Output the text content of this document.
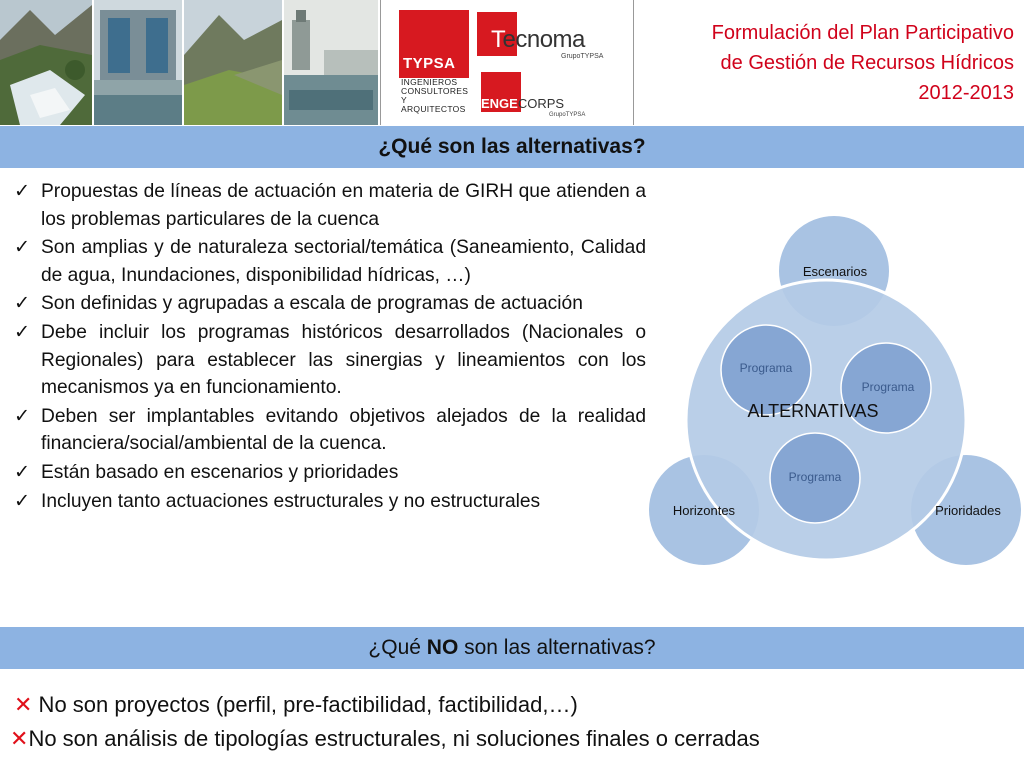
TYPSA
INGENIEROS
CONSULTORES
Y ARQUITECTOS
Tecnoma
GrupoTYPSA
ENGECORPS
GrupoTYPSA
Formulación del Plan Participativo
de Gestión de Recursos Hídricos
2012-2013
¿Qué son las alternativas?
✓ Propuestas de líneas de actuación en materia de GIRH que atienden a los problemas particulares de la cuenca
✓ Son amplias y de naturaleza sectorial/temática (Saneamiento, Calidad de agua, Inundaciones, disponibilidad hídricas, …)
✓ Son definidas y agrupadas a escala de programas de actuación
✓ Debe incluir los programas históricos desarrollados (Nacionales o Regionales) para establecer las sinergias y lineamientos con los mecanismos ya en funcionamiento.
✓ Deben ser implantables evitando objetivos alejados de la realidad financiera/social/ambiental de la cuenca.
✓ Están basado en escenarios y prioridades
✓ Incluyen tanto actuaciones estructurales y no estructurales
Escenarios
Horizontes	Prioridades
ALTERNATIVAS
Programa
Programa
Programa
¿Qué NO son las alternativas?
✕ No son proyectos (perfil, pre-factibilidad, factibilidad,…)
✕No son análisis de tipologías estructurales, ni soluciones finales o cerradas
